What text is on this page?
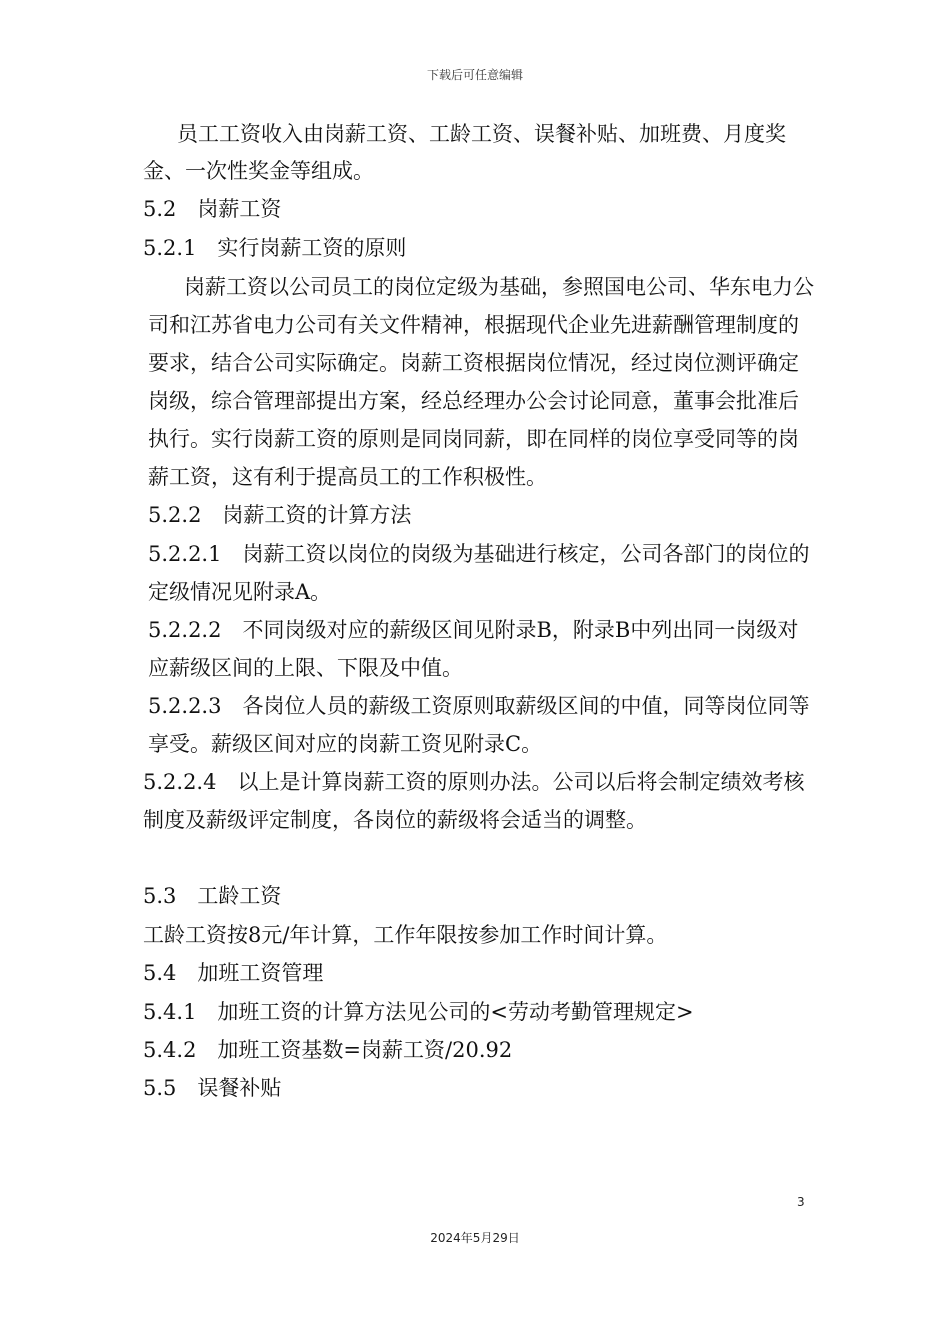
下载后可任意编辑

员工工资收入由岗薪工资、工龄工资、误餐补贴、加班费、月度奖金、一次性奖金等组成。

5.2　岗薪工资

5.2.1　实行岗薪工资的原则

岗薪工资以公司员工的岗位定级为基础，参照国电公司、华东电力公司和江苏省电力公司有关文件精神，根据现代企业先进薪酬管理制度的要求，结合公司实际确定。岗薪工资根据岗位情况，经过岗位测评确定岗级，综合管理部提出方案，经总经理办公会讨论同意，董事会批准后执行。实行岗薪工资的原则是同岗同薪，即在同样的岗位享受同等的岗薪工资，这有利于提高员工的工作积极性。

5.2.2　岗薪工资的计算方法

5.2.2.1　岗薪工资以岗位的岗级为基础进行核定，公司各部门的岗位的定级情况见附录A。

5.2.2.2　不同岗级对应的薪级区间见附录B，附录B中列出同一岗级对应薪级区间的上限、下限及中值。

5.2.2.3　各岗位人员的薪级工资原则取薪级区间的中值，同等岗位同等享受。薪级区间对应的岗薪工资见附录C。

5.2.2.4　以上是计算岗薪工资的原则办法。公司以后将会制定绩效考核制度及薪级评定制度，各岗位的薪级将会适当的调整。

5.3　工龄工资

工龄工资按8元/年计算，工作年限按参加工作时间计算。

5.4　加班工资管理

5.4.1　加班工资的计算方法见公司的<劳动考勤管理规定>

5.4.2　加班工资基数=岗薪工资/20.92

5.5　误餐补贴

3
2024年5月29日
